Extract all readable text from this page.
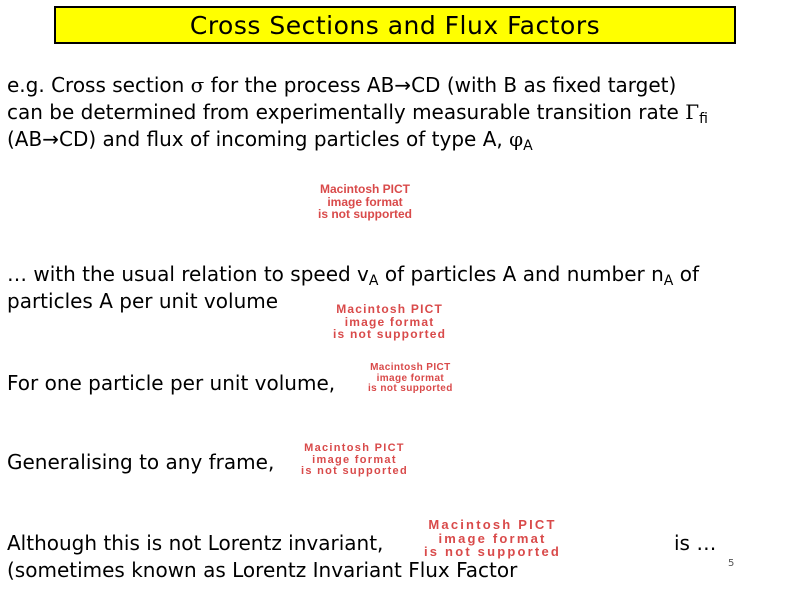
Cross Sections and Flux Factors
e.g. Cross section σ for the process AB→CD (with B as fixed target)
can be determined from experimentally measurable transition rate $\Gamma_{fi}$
(AB→CD) and flux of incoming particles of type A, $\varphi_A$
Macintosh PICT
image format
is not supported
… with the usual relation to speed $v_A$ of particles A and number $n_A$ of
particles A per unit volume	Macintosh PICT
image format
is not supported
For one particle per unit volume,
Macintosh PICT
image format
is not supported
Generalising to any frame,
Macintosh PICT
image format
is not supported
Although this is not Lorentz invariant,	is …
(sometimes known as Lorentz Invariant Flux Factor
Macintosh PICT
image format
is not supported
5
